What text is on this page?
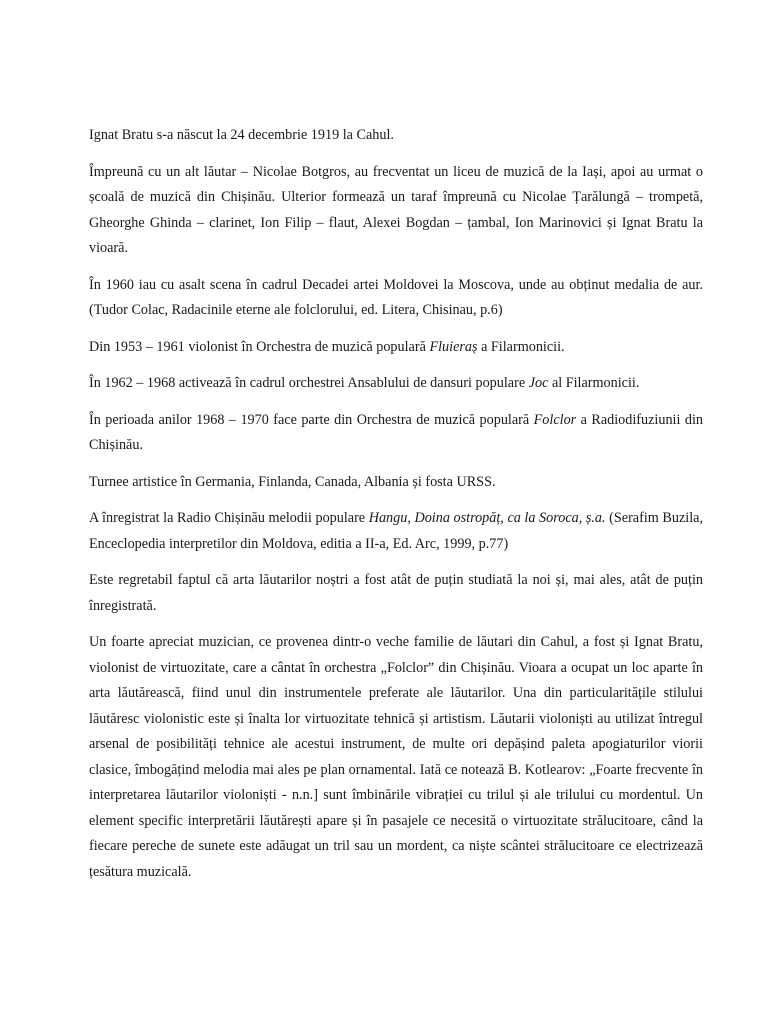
Ignat Bratu s-a născut la 24 decembrie 1919 la Cahul.

Împreună cu un alt lăutar – Nicolae Botgros, au frecventat un liceu de muzică de la Iași, apoi au urmat o școală de muzică din Chișinău. Ulterior formează un taraf împreună cu Nicolae Țarălungă – trompetă, Gheorghe Ghinda – clarinet, Ion Filip – flaut, Alexei Bogdan – țambal, Ion Marinovici și Ignat Bratu la vioară.

În 1960 iau cu asalt scena în cadrul Decadei artei Moldovei la Moscova, unde au obținut medalia de aur. (Tudor Colac, Radacinile eterne ale folclorului, ed. Litera, Chisinau, p.6)

Din 1953 – 1961 violonist în Orchestra de muzică populară Fluieraș a Filarmonicii.

În 1962 – 1968 activează în cadrul orchestrei Ansablului de dansuri populare Joc al Filarmonicii.

În perioada anilor 1968 – 1970 face parte din Orchestra de muzică populară Folclor a Radiodifuziunii din Chișinău.

Turnee artistice în Germania, Finlanda, Canada, Albania și fosta URSS.

A înregistrat la Radio Chișinău melodii populare Hangu, Doina ostropăț, ca la Soroca, ș.a. (Serafim Buzila, Enceclopedia interpretilor din Moldova, editia a II-a, Ed. Arc, 1999, p.77)

Este regretabil faptul că arta lăutarilor noștri a fost atât de puțin studiată la noi și, mai ales, atât de puțin înregistrată.

Un foarte apreciat muzician, ce provenea dintr-o veche familie de lăutari din Cahul, a fost și Ignat Bratu, violonist de virtuozitate, care a cântat în orchestra „Folclor” din Chișinău. Vioara a ocupat un loc aparte în arta lăutărească, fiind unul din instrumentele preferate ale lăutarilor. Una din particularitățile stilului lăutăresc violonistic este și înalta lor virtuozitate tehnică și artistism. Lăutarii violoniști au utilizat întregul arsenal de posibilități tehnice ale acestui instrument, de multe ori depășind paleta apogiaturilor viorii clasice, îmbogățind melodia mai ales pe plan ornamental. Iată ce notează B. Kotlearov: „Foarte frecvente în interpretarea lăutarilor violoniști - n.n.] sunt îmbinările vibrației cu trilul și ale trilului cu mordentul. Un element specific interpretării lăutărești apare și în pasajele ce necesită o virtuozitate strălucitoare, când la fiecare pereche de sunete este adăugat un tril sau un mordent, ca niște scântei strălucitoare ce electrizează țesătura muzicală.
